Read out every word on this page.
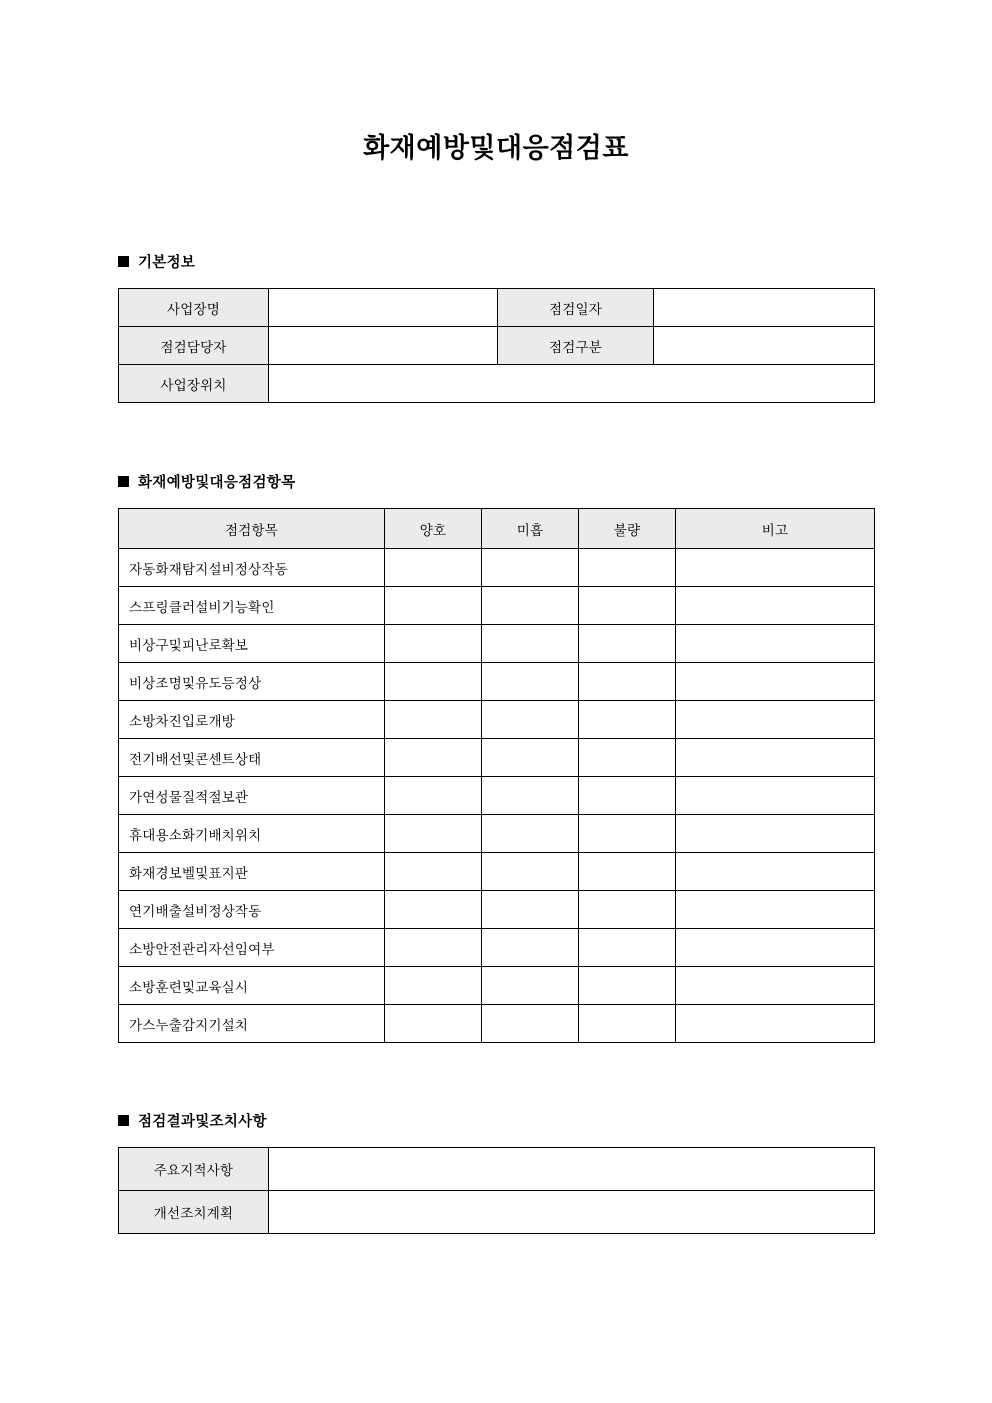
화재예방및대응점검표
기본정보
사업장명		점검일자	
점검담당자		점검구분	
사업장위치			
화재예방및대응점검항목
점검항목	양호	미흡	불량	비고
자동화재탐지설비정상작동				
스프링클러설비기능확인				
비상구및피난로확보				
비상조명및유도등정상				
소방차진입로개방				
전기배선및콘센트상태				
가연성물질적절보관				
휴대용소화기배치위치				
화재경보벨및표지판				
연기배출설비정상작동				
소방안전관리자선임여부				
소방훈련및교육실시				
가스누출감지기설치				
점검결과및조치사항
주요지적사항	
개선조치계획	
